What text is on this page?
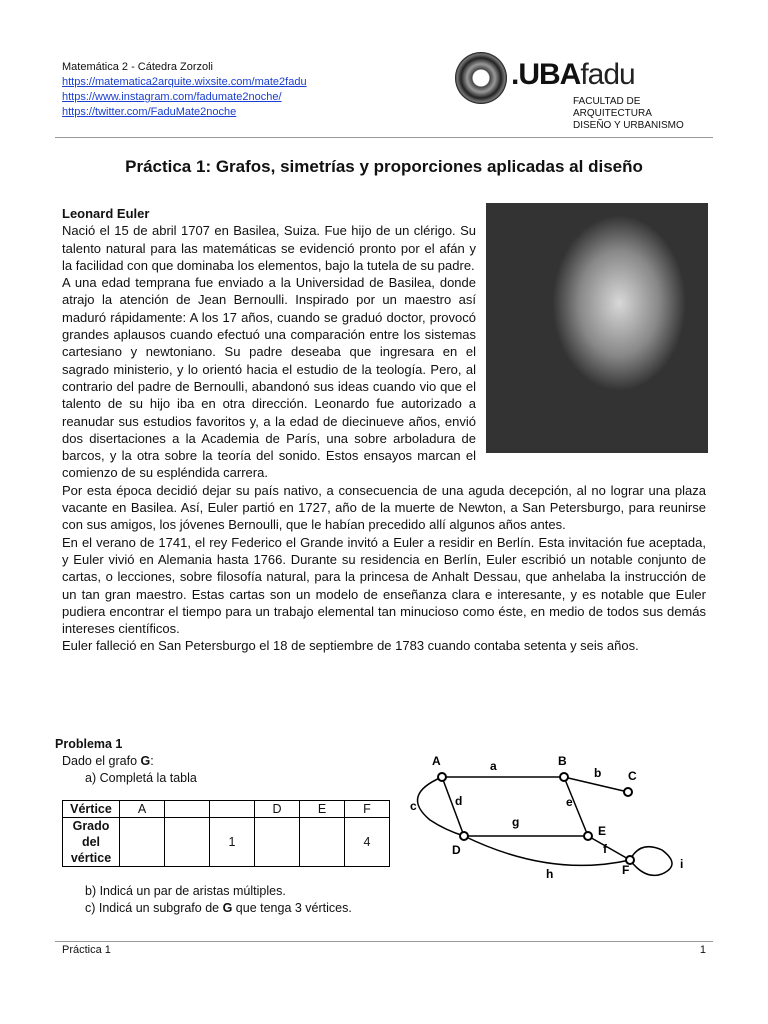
Matemática 2 - Cátedra Zorzoli
https://matematica2arquite.wixsite.com/mate2fadu
https://www.instagram.com/fadumate2noche/
https://twitter.com/FaduMate2noche
.UBAfadu
FACULTAD DE ARQUITECTURA
DISEÑO Y URBANISMO
Práctica 1: Grafos, simetrías y proporciones aplicadas al diseño

Leonard Euler

Nació el 15 de abril 1707 en Basilea, Suiza. Fue hijo de un clérigo. Su talento natural para las matemáticas se evidenció pronto por el afán y la facilidad con que dominaba los elementos, bajo la tutela de su padre.

A una edad temprana fue enviado a la Universidad de Basilea, donde atrajo la atención de Jean Bernoulli. Inspirado por un maestro así maduró rápidamente: A los 17 años, cuando se graduó doctor, provocó grandes aplausos cuando efectuó una comparación entre los sistemas cartesiano y newtoniano. Su padre deseaba que ingresara en el sagrado ministerio, y lo orientó hacia el estudio de la teología. Pero, al contrario del padre de Bernoulli, abandonó sus ideas cuando vio que el talento de su hijo iba en otra dirección. Leonardo fue autorizado a reanudar sus estudios favoritos y, a la edad de diecinueve años, envió dos disertaciones a la Academia de París, una sobre arboladura de barcos, y la otra sobre la teoría del sonido. Estos ensayos marcan el comienzo de su espléndida carrera.

Por esta época decidió dejar su país nativo, a consecuencia de una aguda decepción, al no lograr una plaza vacante en Basilea. Así, Euler partió en 1727, año de la muerte de Newton, a San Petersburgo, para reunirse con sus amigos, los jóvenes Bernoulli, que le habían precedido allí algunos años antes.

En el verano de 1741, el rey Federico el Grande invitó a Euler a residir en Berlín. Esta invitación fue aceptada, y Euler vivió en Alemania hasta 1766. Durante su residencia en Berlín, Euler escribió un notable conjunto de cartas, o lecciones, sobre filosofía natural, para la princesa de Anhalt Dessau, que anhelaba la instrucción de un tan gran maestro. Estas cartas son un modelo de enseñanza clara e interesante, y es notable que Euler pudiera encontrar el tiempo para un trabajo elemental tan minucioso como éste, en medio de todos sus demás intereses científicos.

Euler falleció en San Petersburgo el 18 de septiembre de 1783 cuando contaba setenta y seis años.

Problema 1
Dado el grafo G:
a) Completá la tabla
Vértice	A			D	E	F
Grado del vértice			1			4
b) Indicá un par de aristas múltiples.
c) Indicá un subgrafo de G que tenga 3 vértices.
A	B
C
D
E
F
a	b
c	d	e
f
g
h
i
Práctica 1	1
